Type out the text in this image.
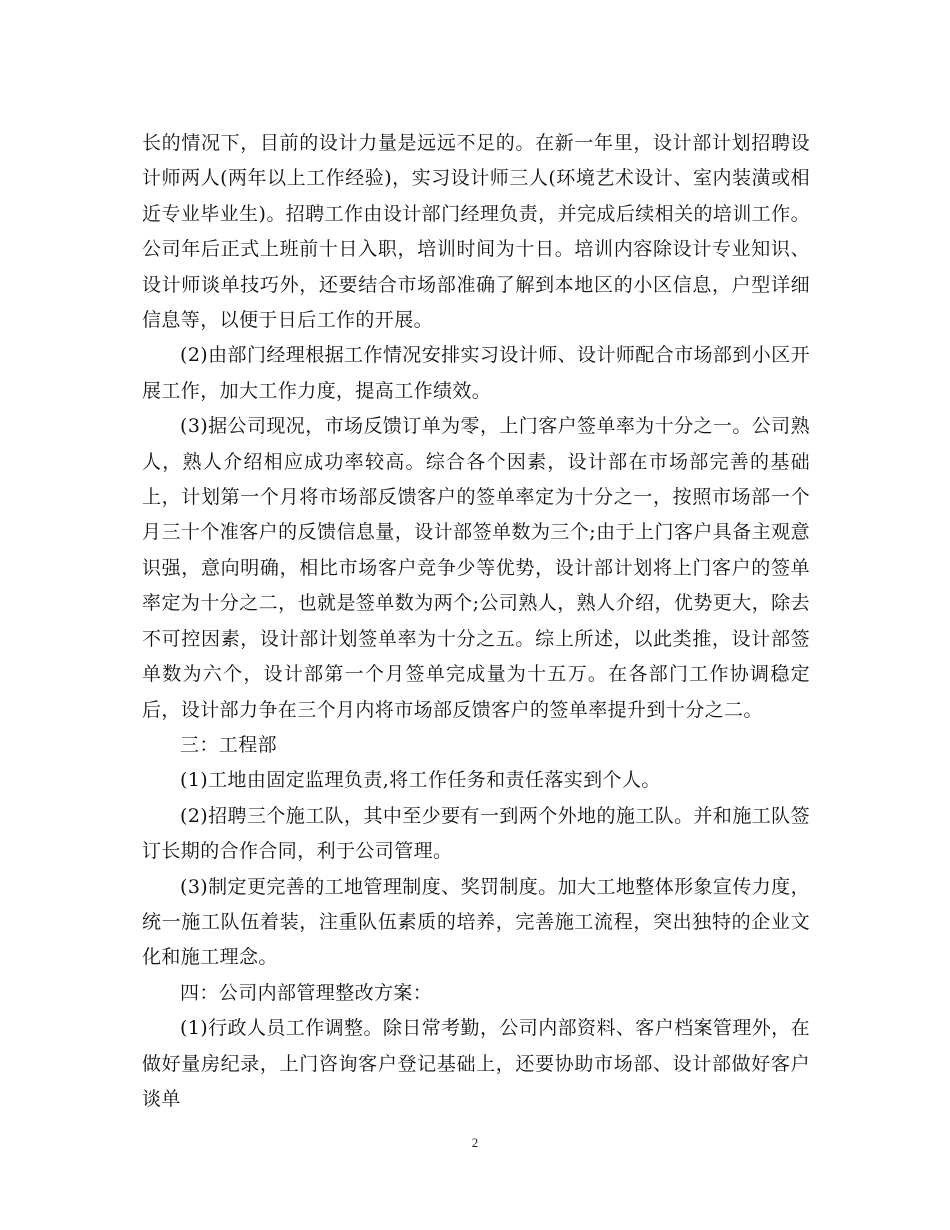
长的情况下，目前的设计力量是远远不足的。在新一年里，设计部计划招聘设计师两人(两年以上工作经验)，实习设计师三人(环境艺术设计、室内装潢或相近专业毕业生)。招聘工作由设计部门经理负责，并完成后续相关的培训工作。公司年后正式上班前十日入职，培训时间为十日。培训内容除设计专业知识、设计师谈单技巧外，还要结合市场部准确了解到本地区的小区信息，户型详细信息等，以便于日后工作的开展。

(2)由部门经理根据工作情况安排实习设计师、设计师配合市场部到小区开展工作，加大工作力度，提高工作绩效。

(3)据公司现况，市场反馈订单为零，上门客户签单率为十分之一。公司熟人，熟人介绍相应成功率较高。综合各个因素，设计部在市场部完善的基础上，计划第一个月将市场部反馈客户的签单率定为十分之一，按照市场部一个月三十个准客户的反馈信息量，设计部签单数为三个;由于上门客户具备主观意识强，意向明确，相比市场客户竞争少等优势，设计部计划将上门客户的签单率定为十分之二，也就是签单数为两个;公司熟人，熟人介绍，优势更大，除去不可控因素，设计部计划签单率为十分之五。综上所述，以此类推，设计部签单数为六个，设计部第一个月签单完成量为十五万。在各部门工作协调稳定后，设计部力争在三个月内将市场部反馈客户的签单率提升到十分之二。

三：工程部

(1)工地由固定监理负责,将工作任务和责任落实到个人。

(2)招聘三个施工队，其中至少要有一到两个外地的施工队。并和施工队签订长期的合作合同，利于公司管理。

(3)制定更完善的工地管理制度、奖罚制度。加大工地整体形象宣传力度，统一施工队伍着装，注重队伍素质的培养，完善施工流程，突出独特的企业文化和施工理念。

四：公司内部管理整改方案：

(1)行政人员工作调整。除日常考勤，公司内部资料、客户档案管理外，在做好量房纪录，上门咨询客户登记基础上，还要协助市场部、设计部做好客户谈单

2
